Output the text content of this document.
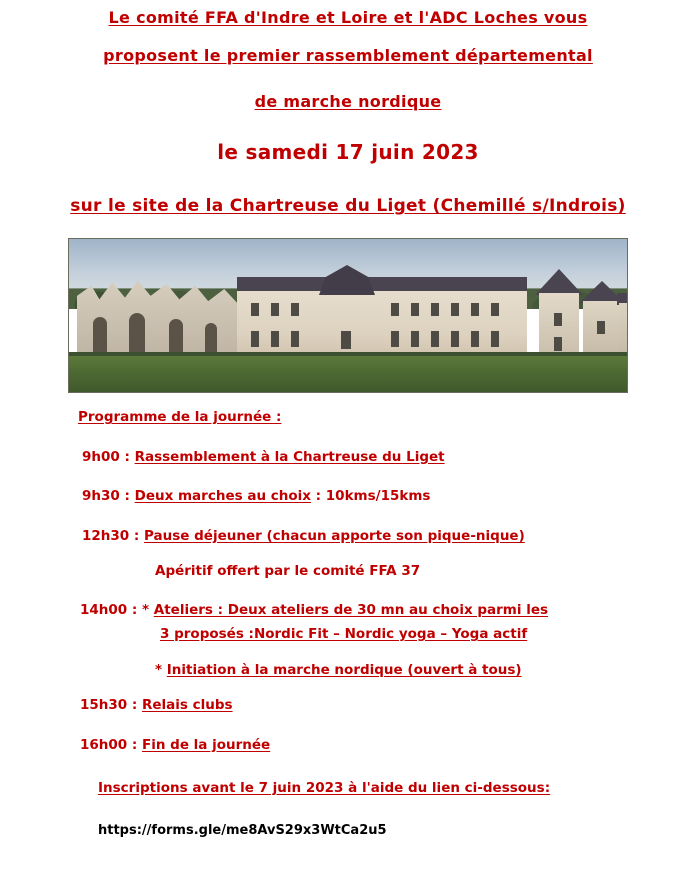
Le comité FFA d'Indre et Loire et l'ADC Loches vous
proposent le premier rassemblement départemental
de marche nordique
le samedi 17 juin 2023
sur le site de la Chartreuse du Liget (Chemillé s/Indrois)
Programme de la journée :
9h00 : Rassemblement à la Chartreuse du Liget
9h30 : Deux marches au choix : 10kms/15kms
12h30 : Pause déjeuner (chacun apporte son pique-nique)
Apéritif offert par le comité FFA 37
14h00 : * Ateliers : Deux ateliers de 30 mn au choix parmi les
3 proposés :Nordic Fit – Nordic yoga – Yoga actif
* Initiation à la marche nordique (ouvert à tous)
15h30 : Relais clubs
16h00 : Fin de la journée
Inscriptions avant le 7 juin 2023 à l'aide du lien ci-dessous:
https://forms.gle/me8AvS29x3WtCa2u5
